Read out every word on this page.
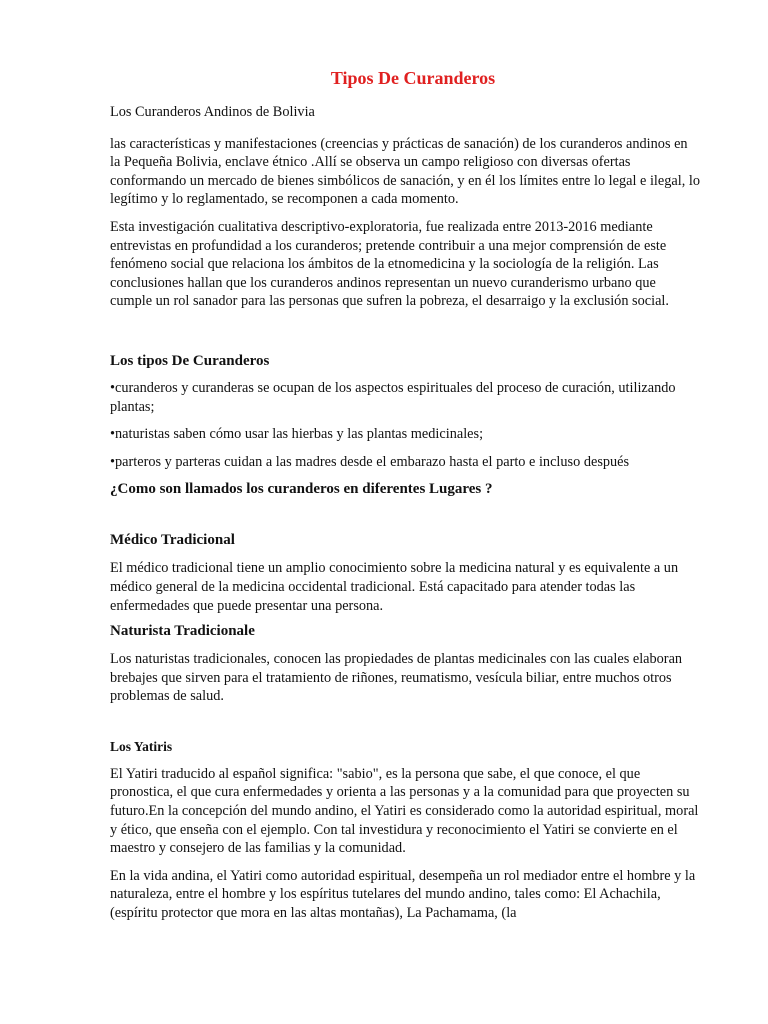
Tipos De Curanderos

Los Curanderos Andinos de Bolivia

las características y manifestaciones (creencias y prácticas de sanación) de los curanderos andinos en la Pequeña Bolivia, enclave étnico .Allí se observa un campo religioso con diversas ofertas conformando un mercado de bienes simbólicos de sanación, y en él los límites entre lo legal e ilegal, lo legítimo y lo reglamentado, se recomponen a cada momento.

Esta investigación cualitativa descriptivo-exploratoria, fue realizada entre 2013-2016 mediante entrevistas en profundidad a los curanderos; pretende contribuir a una mejor comprensión de este fenómeno social que relaciona los ámbitos de la etnomedicina y la sociología de la religión. Las conclusiones hallan que los curanderos andinos representan un nuevo curanderismo urbano que cumple un rol sanador para las personas que sufren la pobreza, el desarraigo y la exclusión social.

Los tipos De Curanderos

•curanderos y curanderas se ocupan de los aspectos espirituales del proceso de curación, utilizando plantas;

•naturistas saben cómo usar las hierbas y las plantas medicinales;

•parteros y parteras cuidan a las madres desde el embarazo hasta el parto e incluso después

¿Como son llamados los curanderos en diferentes Lugares ?
Médico Tradicional

El médico tradicional tiene un amplio conocimiento sobre la medicina natural y es equivalente a un médico general de la medicina occidental tradicional. Está capacitado para atender todas las enfermedades que puede presentar una persona.

Naturista Tradicionale

Los naturistas tradicionales, conocen las propiedades de plantas medicinales con las cuales elaboran brebajes que sirven para el tratamiento de riñones, reumatismo, vesícula biliar, entre muchos otros problemas de salud.

Los Yatiris

El Yatiri traducido al español significa: "sabio", es la persona que sabe, el que conoce, el que pronostica, el que cura enfermedades y orienta a las personas y a la comunidad para que proyecten su futuro.En la concepción del mundo andino, el Yatiri es considerado como la autoridad espiritual, moral y ético, que enseña con el ejemplo. Con tal investidura y reconocimiento el Yatiri se convierte en el maestro y consejero de las familias y la comunidad.

En la vida andina, el Yatiri como autoridad espiritual, desempeña un rol mediador entre el hombre y la naturaleza, entre el hombre y los espíritus tutelares del mundo andino, tales como: El Achachila, (espíritu protector que mora en las altas montañas), La Pachamama, (la
